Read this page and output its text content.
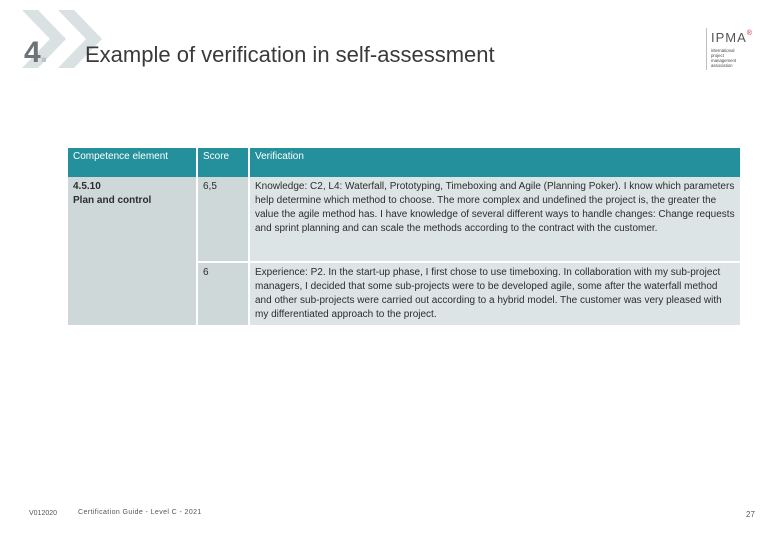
4. Example of verification in self-assessment
IPMA®
international
project
management
association
Competence element	Score	Verification

4.5.10
Plan and control	6,5	Knowledge: C2, L4: Waterfall, Prototyping, Timeboxing and Agile (Planning Poker). I know which parameters help determine which method to choose. The more complex and undefined the project is, the greater the value the agile method has. I have knowledge of several different ways to handle changes: Change requests and sprint planning and can scale the methods according to the contract with the customer.
	6	Experience: P2. In the start-up phase, I first chose to use timeboxing. In collaboration with my sub-project managers, I decided that some sub-projects were to be developed agile, some after the waterfall method and other sub-projects were carried out according to a hybrid model. The customer was very pleased with my differentiated approach to the project.
V012020	Certification Guide - Level C - 2021	27
